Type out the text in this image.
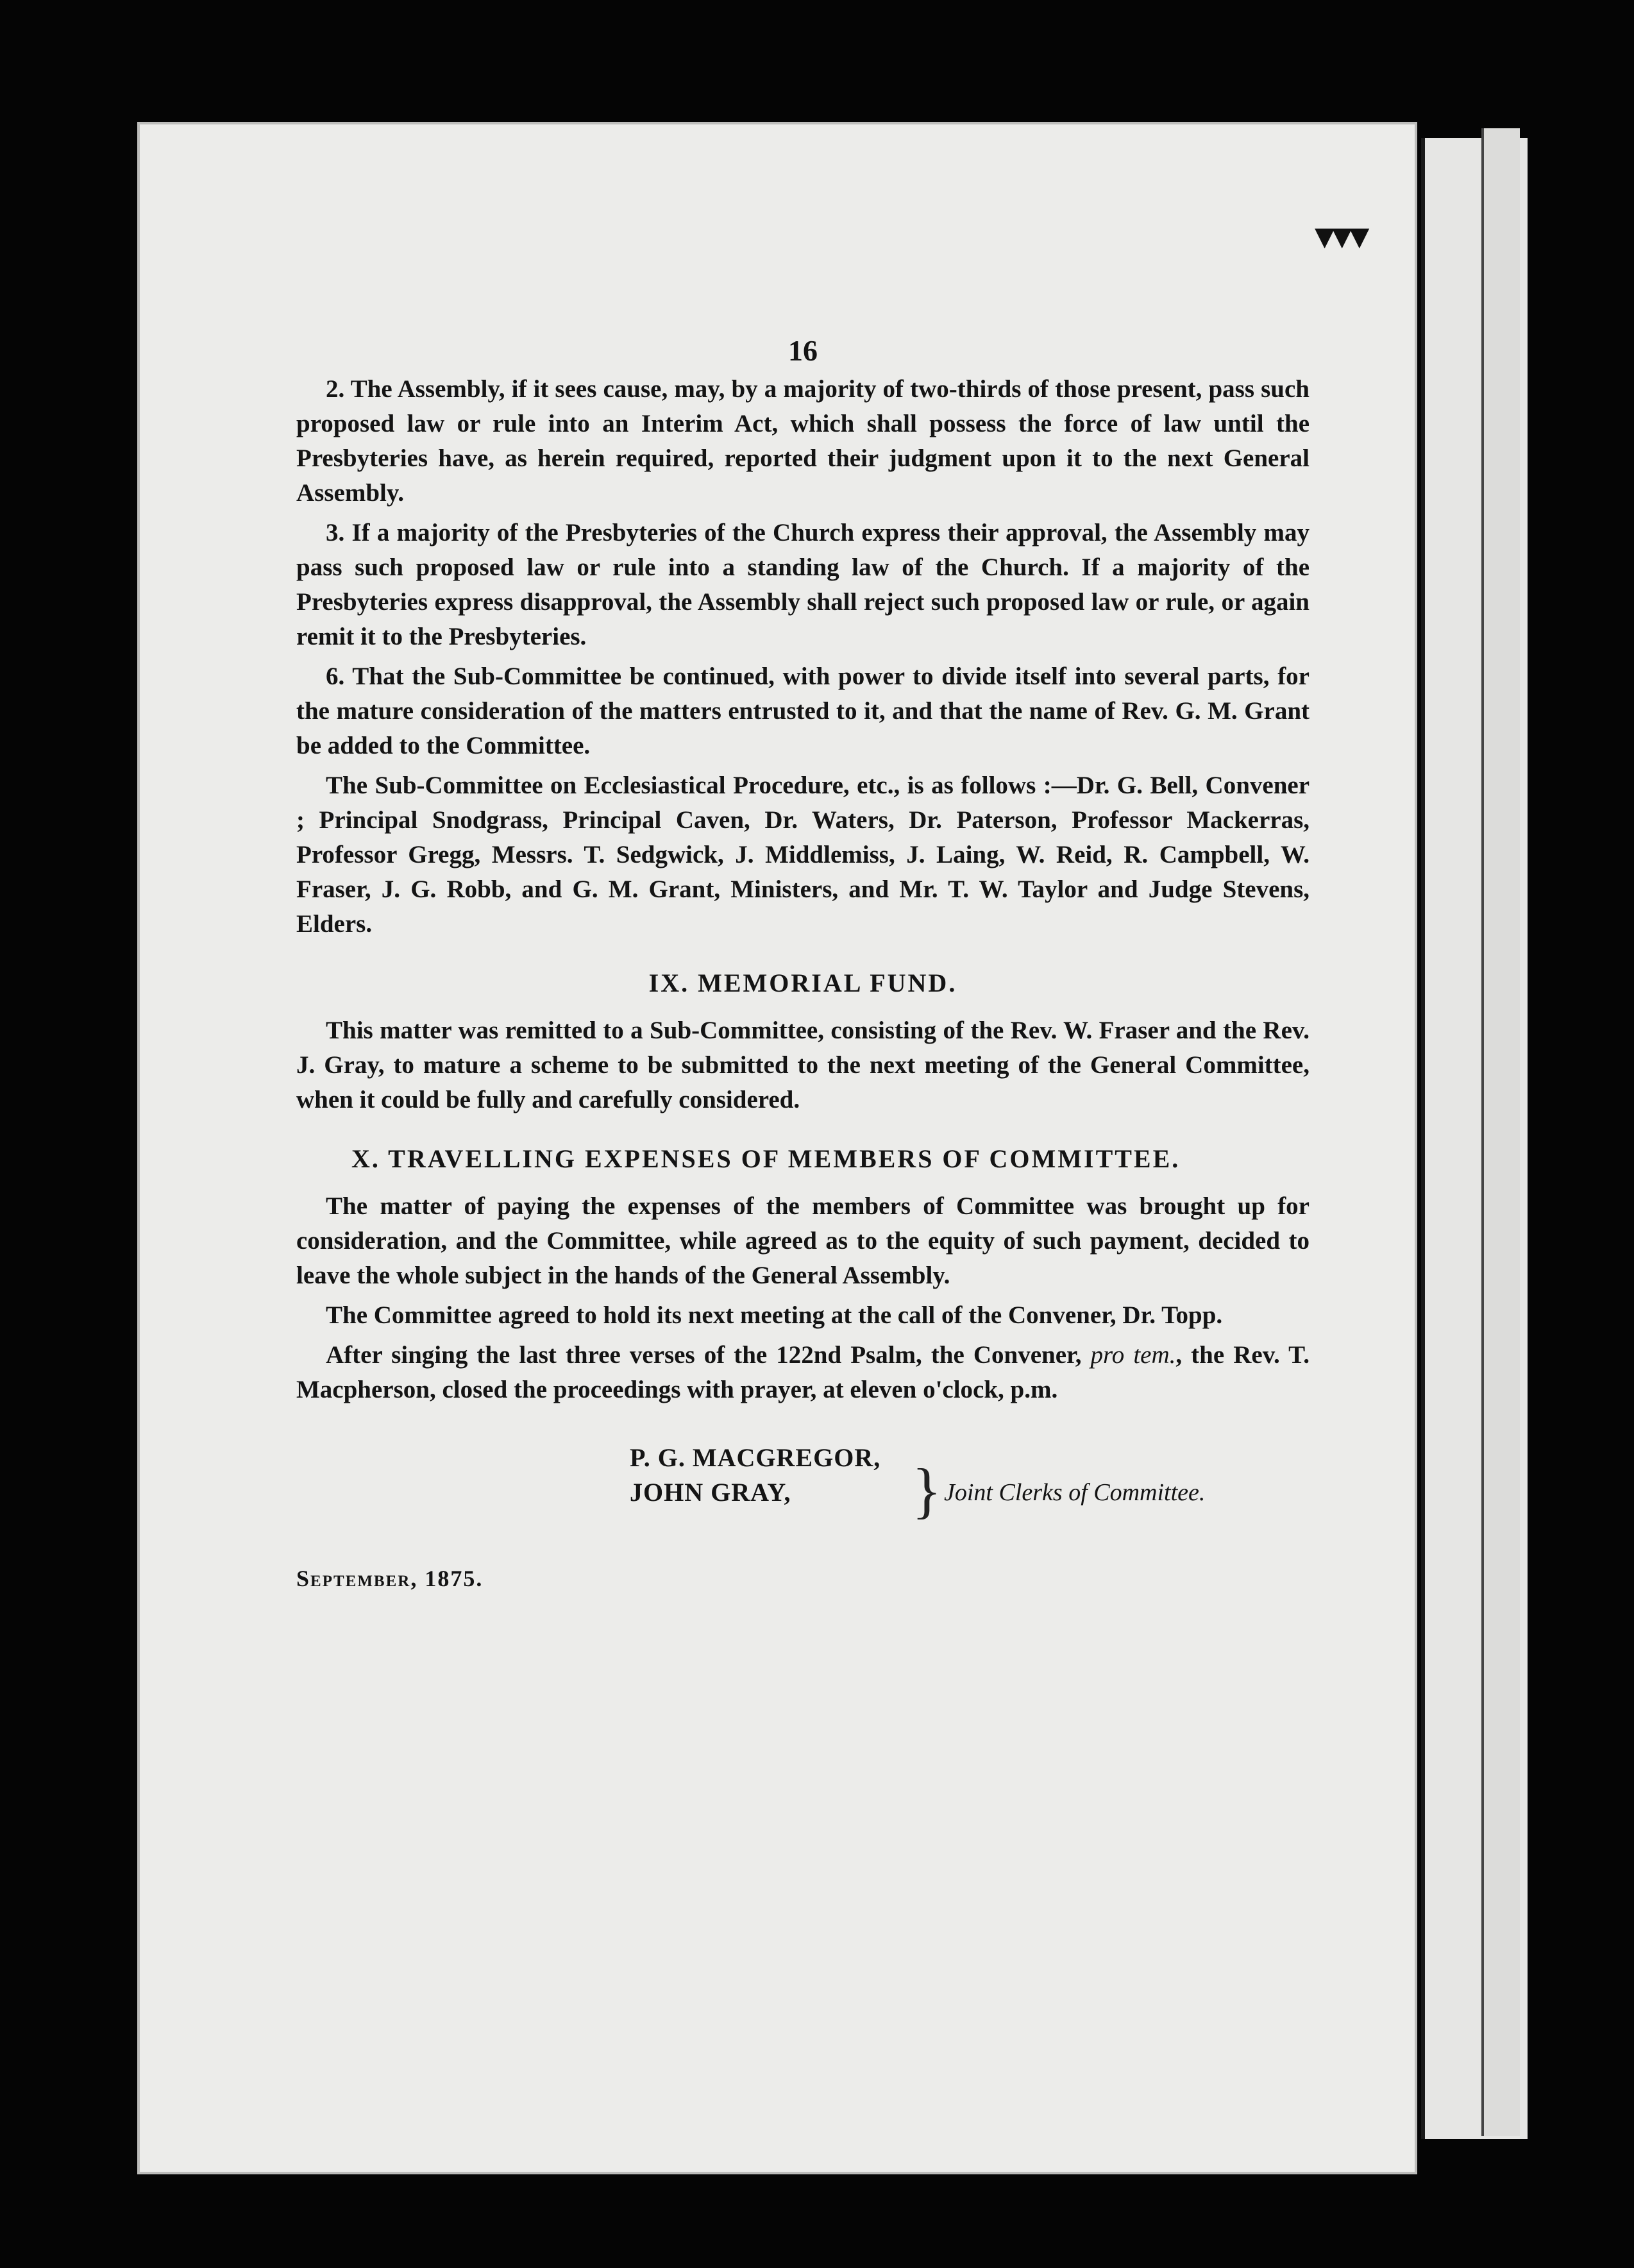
▾▾▾
16

2. The Assembly, if it sees cause, may, by a majority of two-thirds of those present, pass such proposed law or rule into an Interim Act, which shall possess the force of law until the Presbyteries have, as herein required, reported their judgment upon it to the next General Assembly.

3. If a majority of the Presbyteries of the Church express their approval, the Assembly may pass such proposed law or rule into a standing law of the Church. If a majority of the Presbyteries express disapproval, the Assembly shall reject such proposed law or rule, or again remit it to the Presbyteries.

6. That the Sub-Committee be continued, with power to divide itself into several parts, for the mature consideration of the matters entrusted to it, and that the name of Rev. G. M. Grant be added to the Committee.

The Sub-Committee on Ecclesiastical Procedure, etc., is as follows :—Dr. G. Bell, Convener ; Principal Snodgrass, Principal Caven, Dr. Waters, Dr. Paterson, Professor Mackerras, Professor Gregg, Messrs. T. Sedgwick, J. Middlemiss, J. Laing, W. Reid, R. Campbell, W. Fraser, J. G. Robb, and G. M. Grant, Ministers, and Mr. T. W. Taylor and Judge Stevens, Elders.

IX. MEMORIAL FUND.

This matter was remitted to a Sub-Committee, consisting of the Rev. W. Fraser and the Rev. J. Gray, to mature a scheme to be submitted to the next meeting of the General Committee, when it could be fully and carefully considered.

X. TRAVELLING EXPENSES OF MEMBERS OF COMMITTEE.

The matter of paying the expenses of the members of Committee was brought up for consideration, and the Committee, while agreed as to the equity of such payment, decided to leave the whole subject in the hands of the General Assembly.

The Committee agreed to hold its next meeting at the call of the Convener, Dr. Topp.

After singing the last three verses of the 122nd Psalm, the Convener, pro tem., the Rev. T. Macpherson, closed the proceedings with prayer, at eleven o'clock, p.m.

P. G. MACGREGOR,
JOHN GRAY,	} Joint Clerks of Committee.
September, 1875.
